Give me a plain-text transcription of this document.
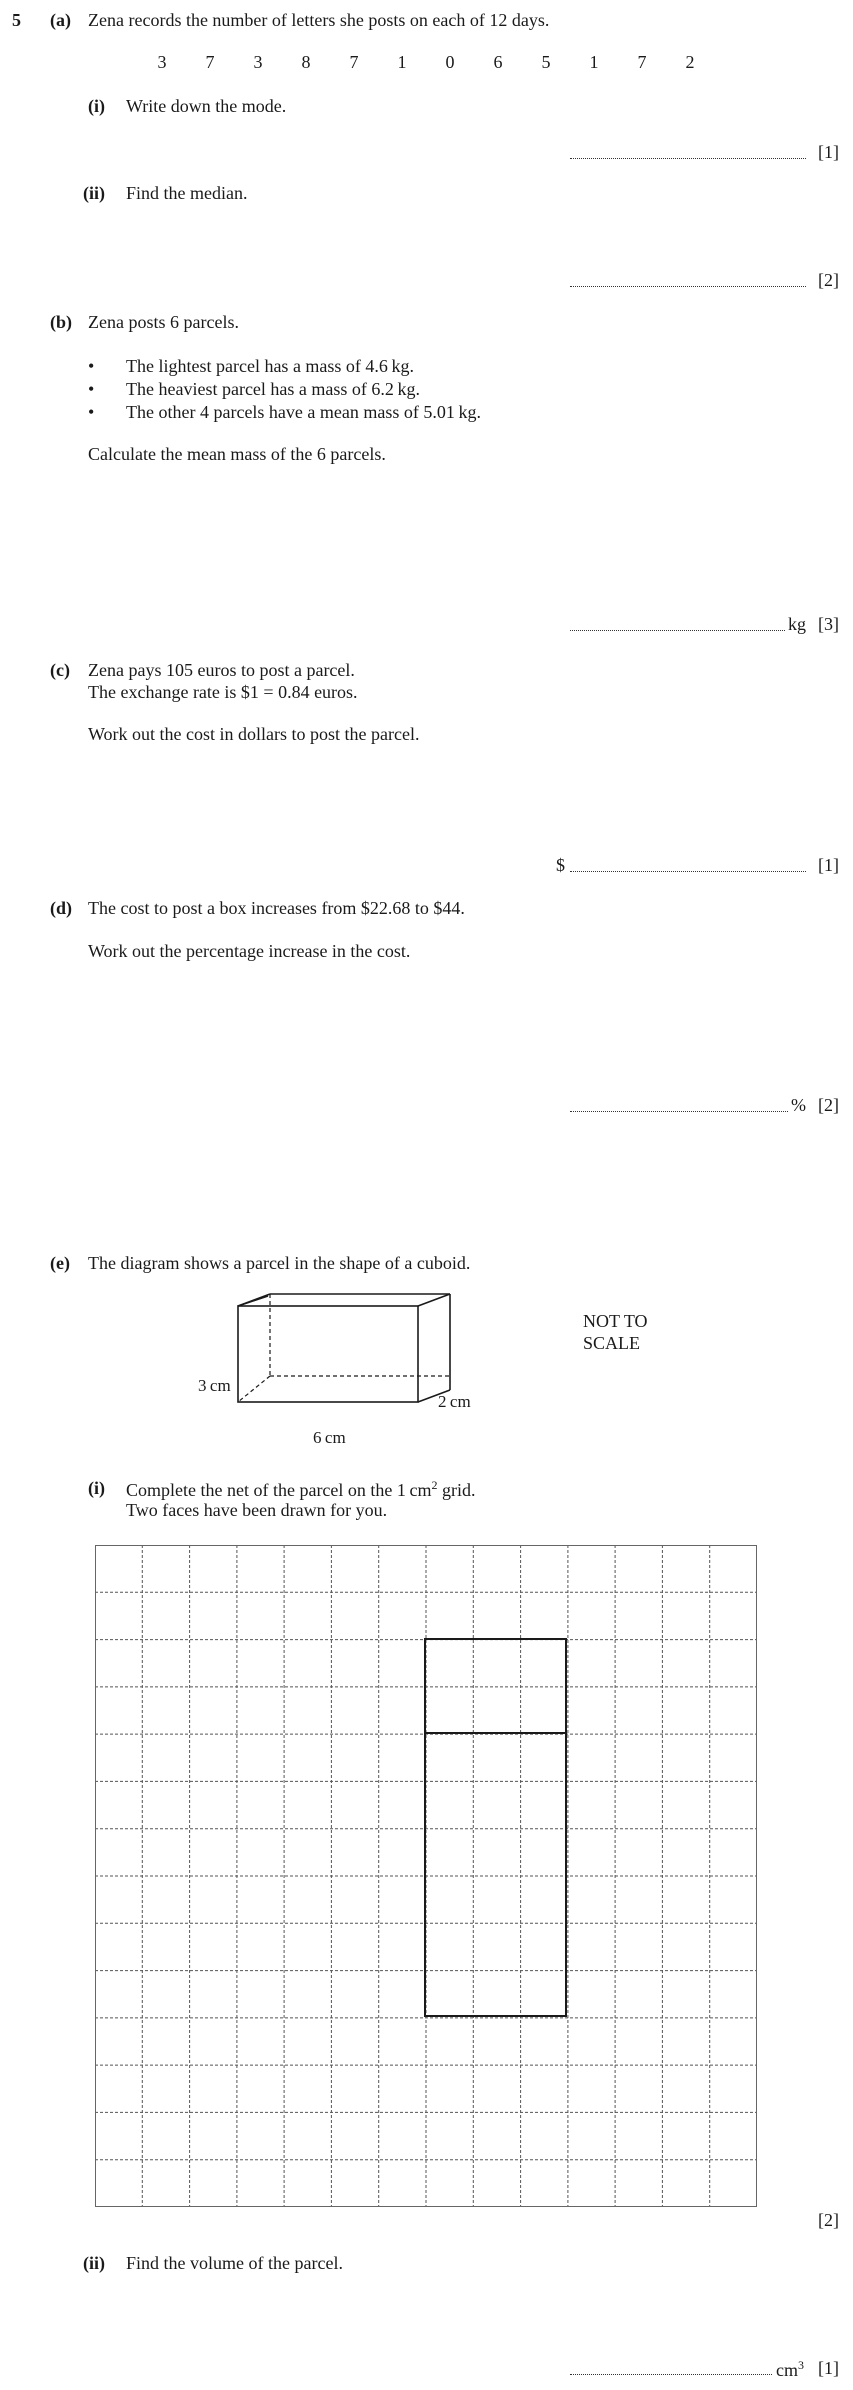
5 (a) Zena records the number of letters she posts on each of 12 days.
3 7 3 8 7 1 0 6 5 1 7 2
(i) Write down the mode.
[1]
(ii) Find the median.
[2]
(b) Zena posts 6 parcels.
• The lightest parcel has a mass of 4.6 kg.
• The heaviest parcel has a mass of 6.2 kg.
• The other 4 parcels have a mean mass of 5.01 kg.
Calculate the mean mass of the 6 parcels.
kg [3]
(c) Zena pays 105 euros to post a parcel.
The exchange rate is $1 = 0.84 euros.
Work out the cost in dollars to post the parcel.
$	[1]
(d) The cost to post a box increases from $22.68 to $44.
Work out the percentage increase in the cost.
% [2]
(e) The diagram shows a parcel in the shape of a cuboid.
3 cm
2 cm
6 cm
NOT TO
SCALE
(i) Complete the net of the parcel on the 1 $cm^2$ grid.
Two faces have been drawn for you.
[2]
(ii) Find the volume of the parcel.
$cm^3$ [1]
